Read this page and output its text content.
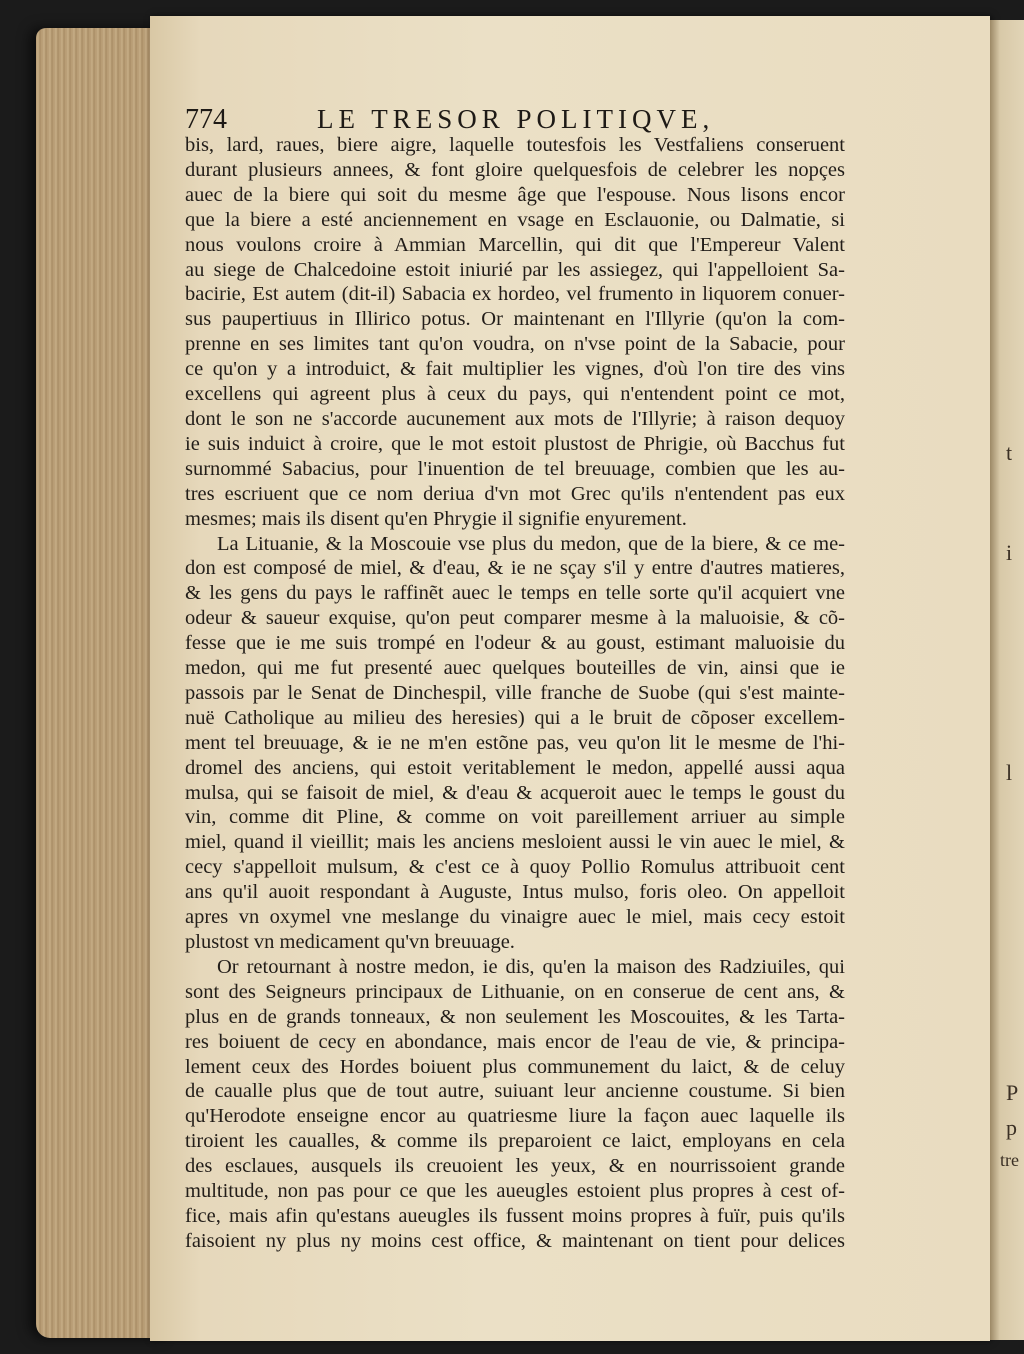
t
i
l
P
p
tre
774	LE TRESOR POLITIQVE,
bis, lard, raues, biere aigre, laquelle toutesfois les Vestfaliens conseruent
durant plusieurs annees, & font gloire quelquesfois de celebrer les nopçes
auec de la biere qui soit du mesme âge que l'espouse. Nous lisons encor
que la biere a esté anciennement en vsage en Esclauonie, ou Dalmatie, si
nous voulons croire à Ammian Marcellin, qui dit que l'Empereur Valent
au siege de Chalcedoine estoit iniurié par les assiegez, qui l'appelloient Sa-
bacirie, Est autem (dit-il) Sabacia ex hordeo, vel frumento in liquorem conuer-
sus paupertiuus in Illirico potus. Or maintenant en l'Illyrie (qu'on la com-
prenne en ses limites tant qu'on voudra, on n'vse point de la Sabacie, pour
ce qu'on y a introduict, & fait multiplier les vignes, d'où l'on tire des vins
excellens qui agreent plus à ceux du pays, qui n'entendent point ce mot,
dont le son ne s'accorde aucunement aux mots de l'Illyrie; à raison dequoy
ie suis induict à croire, que le mot estoit plustost de Phrigie, où Bacchus fut
surnommé Sabacius, pour l'inuention de tel breuuage, combien que les au-
tres escriuent que ce nom deriua d'vn mot Grec qu'ils n'entendent pas eux
mesmes; mais ils disent qu'en Phrygie il signifie enyurement.
La Lituanie, & la Moscouie vse plus du medon, que de la biere, & ce me-
don est composé de miel, & d'eau, & ie ne sçay s'il y entre d'autres matieres,
& les gens du pays le raffinẽt auec le temps en telle sorte qu'il acquiert vne
odeur & saueur exquise, qu'on peut comparer mesme à la maluoisie, & cõ-
fesse que ie me suis trompé en l'odeur & au goust, estimant maluoisie du
medon, qui me fut presenté auec quelques bouteilles de vin, ainsi que ie
passois par le Senat de Dinchespil, ville franche de Suobe (qui s'est mainte-
nuë Catholique au milieu des heresies) qui a le bruit de cõposer excellem-
ment tel breuuage, & ie ne m'en estõne pas, veu qu'on lit le mesme de l'hi-
dromel des anciens, qui estoit veritablement le medon, appellé aussi aqua
mulsa, qui se faisoit de miel, & d'eau & acqueroit auec le temps le goust du
vin, comme dit Pline, & comme on voit pareillement arriuer au simple
miel, quand il vieillit; mais les anciens mesloient aussi le vin auec le miel, &
cecy s'appelloit mulsum, & c'est ce à quoy Pollio Romulus attribuoit cent
ans qu'il auoit respondant à Auguste, Intus mulso, foris oleo. On appelloit
apres vn oxymel vne meslange du vinaigre auec le miel, mais cecy estoit
plustost vn medicament qu'vn breuuage.
Or retournant à nostre medon, ie dis, qu'en la maison des Radziuiles, qui
sont des Seigneurs principaux de Lithuanie, on en conserue de cent ans, &
plus en de grands tonneaux, & non seulement les Moscouites, & les Tarta-
res boiuent de cecy en abondance, mais encor de l'eau de vie, & principa-
lement ceux des Hordes boiuent plus communement du laict, & de celuy
de caualle plus que de tout autre, suiuant leur ancienne coustume. Si bien
qu'Herodote enseigne encor au quatriesme liure la façon auec laquelle ils
tiroient les caualles, & comme ils preparoient ce laict, employans en cela
des esclaues, ausquels ils creuoient les yeux, & en nourrissoient grande
multitude, non pas pour ce que les aueugles estoient plus propres à cest of-
fice, mais afin qu'estans aueugles ils fussent moins propres à fuïr, puis qu'ils
faisoient ny plus ny moins cest office, & maintenant on tient pour delices
